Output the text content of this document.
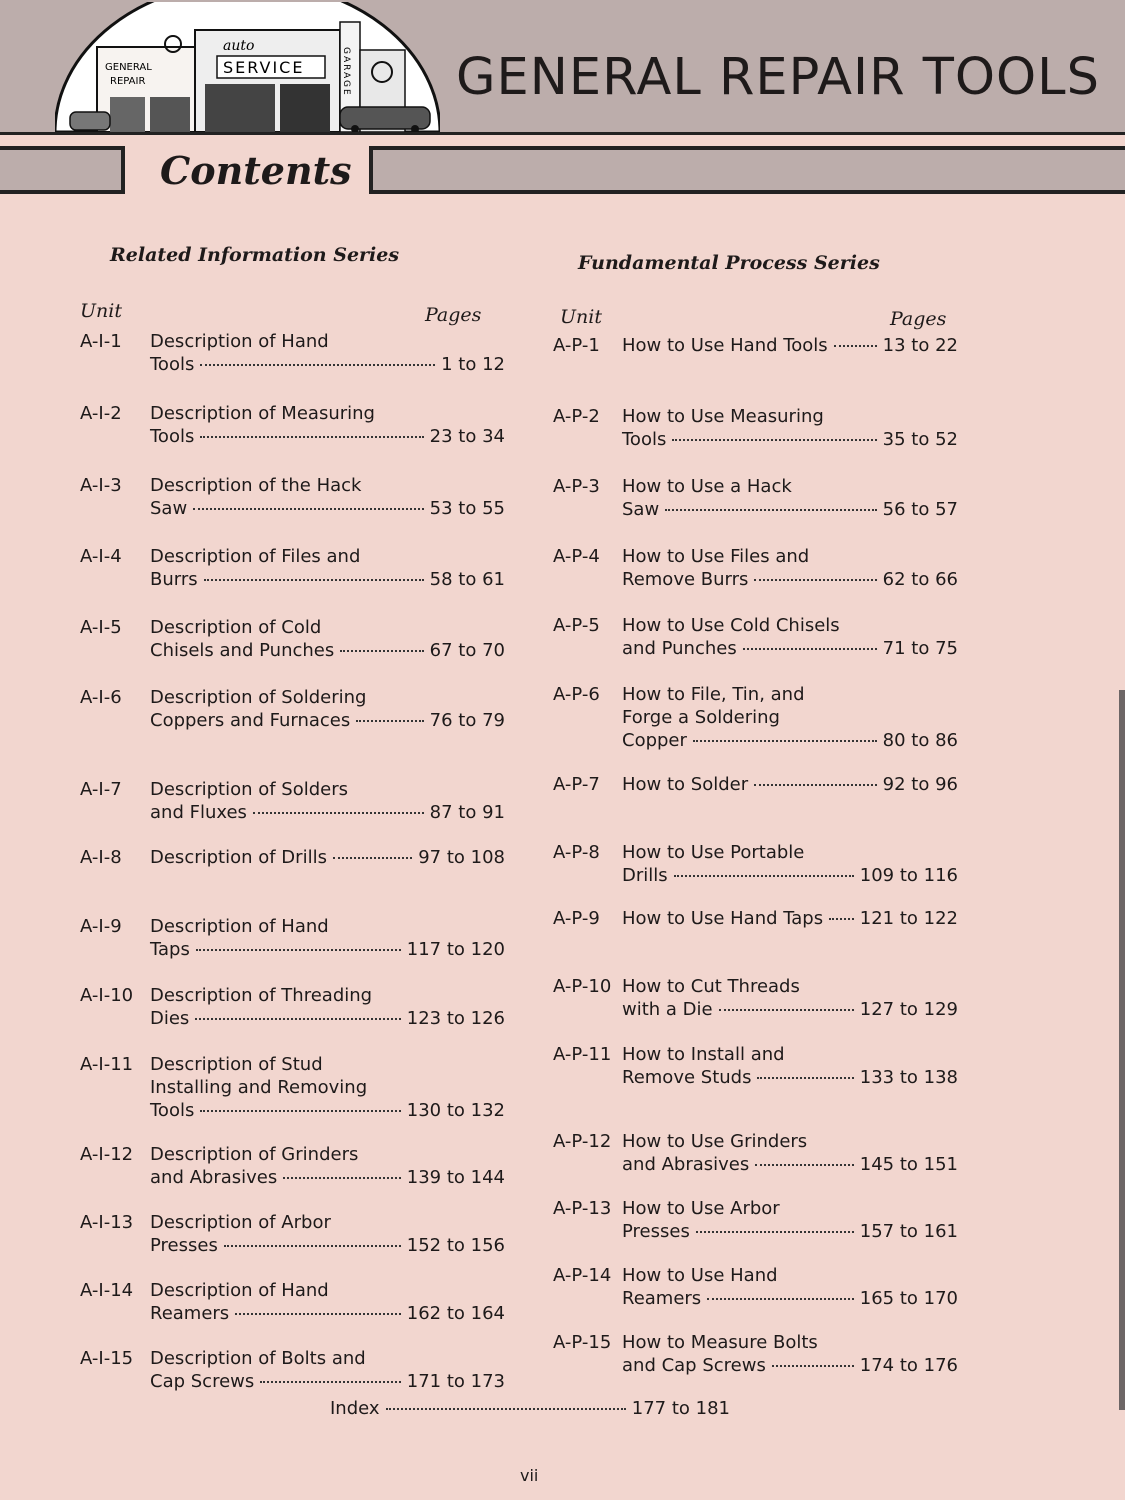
GENERAL
REPAIR
auto
SERVICE	GARAGE GENERAL REPAIR TOOLS
Contents
Related Information Series	Fundamental Process Series
Unit	Pages	Unit	Pages
A-I-1 Description of Hand
Tools	1 to 12
A-I-2 Description of Measuring
Tools	23 to 34
A-I-3 Description of the Hack
Saw	53 to 55
A-I-4 Description of Files and
Burrs	58 to 61
A-I-5 Description of Cold
Chisels and Punches	67 to 70
A-I-6 Description of Soldering
Coppers and Furnaces	76 to 79
A-I-7 Description of Solders
and Fluxes	87 to 91
A-I-8 Description of Drills	97 to 108
A-I-9 Description of Hand
Taps	117 to 120
A-I-10 Description of Threading
Dies	123 to 126
A-I-11 Description of Stud
Installing and Removing
Tools	130 to 132
A-I-12 Description of Grinders
and Abrasives	139 to 144
A-I-13 Description of Arbor
Presses	152 to 156
A-I-14 Description of Hand
Reamers	162 to 164
A-I-15 Description of Bolts and
Cap Screws	171 to 173
A-P-1 How to Use Hand Tools	13 to 22
A-P-2 How to Use Measuring
Tools	35 to 52
A-P-3 How to Use a Hack
Saw	56 to 57
A-P-4 How to Use Files and
Remove Burrs	62 to 66
A-P-5 How to Use Cold Chisels
and Punches	71 to 75
A-P-6 How to File, Tin, and
Forge a Soldering
Copper	80 to 86
A-P-7 How to Solder	92 to 96
A-P-8 How to Use Portable
Drills	109 to 116
A-P-9 How to Use Hand Taps 121 to 122
A-P-10 How to Cut Threads
with a Die	127 to 129
A-P-11 How to Install and
Remove Studs	133 to 138
A-P-12 How to Use Grinders
and Abrasives	145 to 151
A-P-13 How to Use Arbor
Presses	157 to 161
A-P-14 How to Use Hand
Reamers	165 to 170
A-P-15 How to Measure Bolts
and Cap Screws	174 to 176
Index	177 to 181
vii
